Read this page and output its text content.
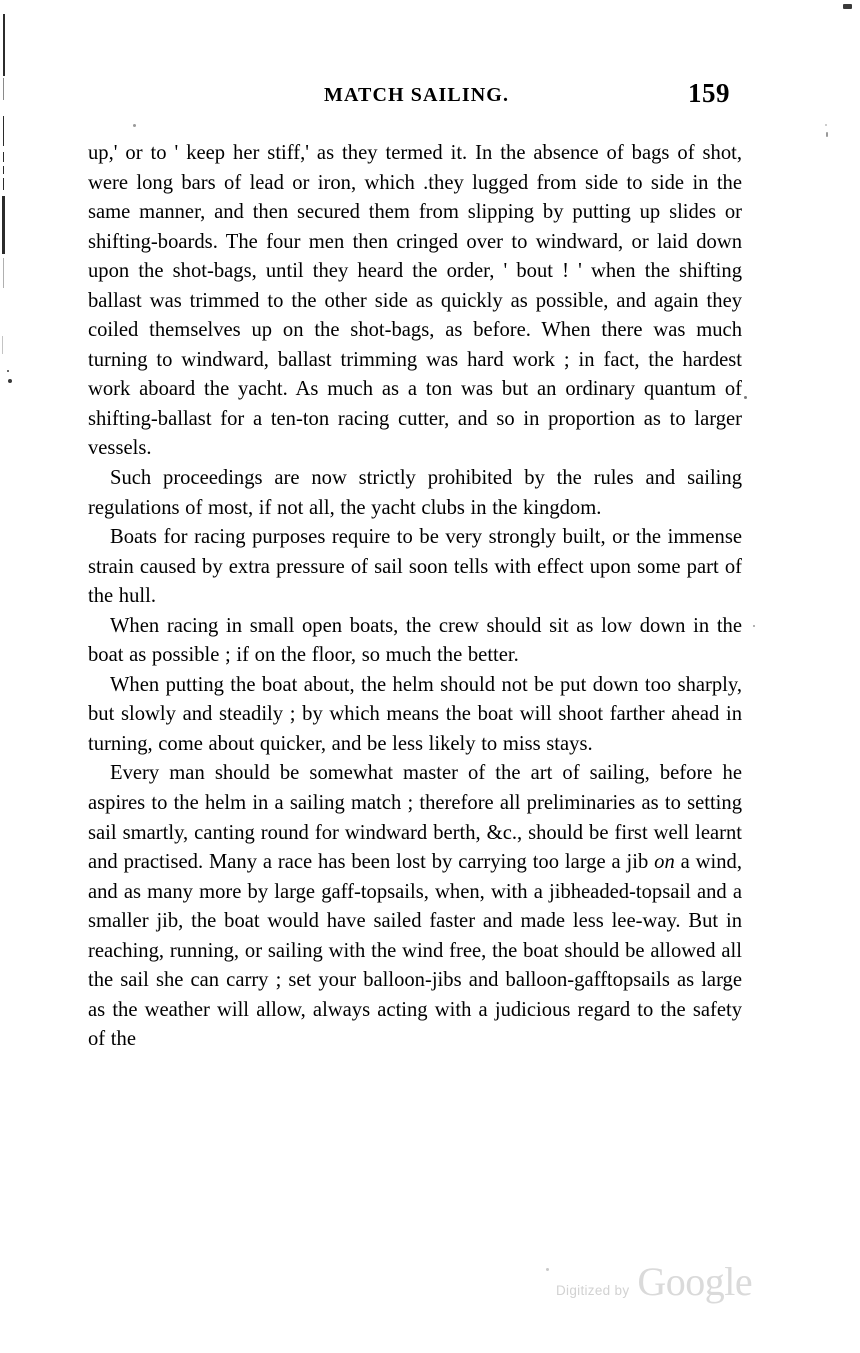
MATCH SAILING.	159

up,' or to ' keep her stiff,' as they termed it. In the absence of bags of shot, were long bars of lead or iron, which .they lugged from side to side in the same manner, and then secured them from slipping by putting up slides or shifting-boards. The four men then cringed over to windward, or laid down upon the shot-bags, until they heard the order, ' bout ! ' when the shifting ballast was trimmed to the other side as quickly as possible, and again they coiled themselves up on the shot-bags, as before. When there was much turning to windward, ballast trimming was hard work ; in fact, the hardest work aboard the yacht. As much as a ton was but an ordinary quantum of shifting-ballast for a ten-ton racing cutter, and so in proportion as to larger vessels.

Such proceedings are now strictly prohibited by the rules and sailing regulations of most, if not all, the yacht clubs in the kingdom.

Boats for racing purposes require to be very strongly built, or the immense strain caused by extra pressure of sail soon tells with effect upon some part of the hull.

When racing in small open boats, the crew should sit as low down in the boat as possible ; if on the floor, so much the better.

When putting the boat about, the helm should not be put down too sharply, but slowly and steadily ; by which means the boat will shoot farther ahead in turning, come about quicker, and be less likely to miss stays.

Every man should be somewhat master of the art of sailing, before he aspires to the helm in a sailing match ; therefore all preliminaries as to setting sail smartly, canting round for windward berth, &c., should be first well learnt and practised. Many a race has been lost by carrying too large a jib on a wind, and as many more by large gaff-topsails, when, with a jibheaded-topsail and a smaller jib, the boat would have sailed faster and made less lee-way. But in reaching, running, or sailing with the wind free, the boat should be allowed all the sail she can carry ; set your balloon-jibs and balloon-gafftopsails as large as the weather will allow, always acting with a judicious regard to the safety of the

Digitized by Google
